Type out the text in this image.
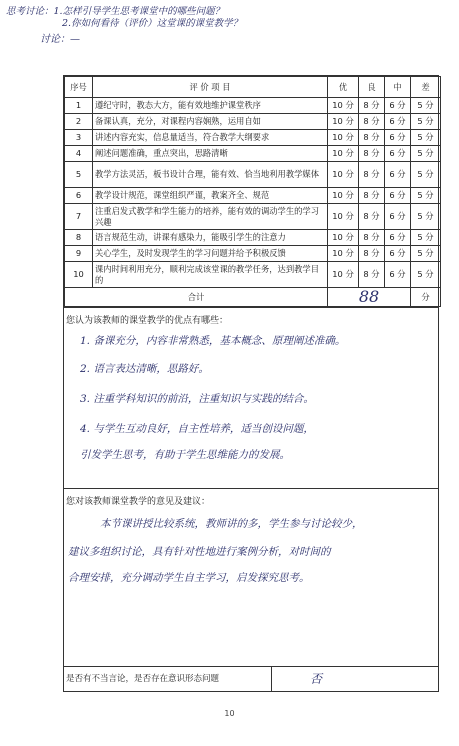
思考讨论：1.怎样引导学生思考课堂中的哪些问题？
2.你如何看待（评价）这堂课的课堂教学？
讨论：—
序号	评 价 项 目	优	良	中	差
1	遵纪守时，教态大方，能有效地维护课堂秩序	10 分	8 分	6 分	5 分
2	备课认真，充分，对课程内容娴熟，运用自如	10 分	8 分	6 分	5 分
3	讲述内容充实，信息量适当，符合教学大纲要求	10 分	8 分	6 分	5 分
4	阐述问题准确，重点突出，思路清晰	10 分	8 分	6 分	5 分
5	教学方法灵活，板书设计合理，能有效、恰当地利用教学媒体	10 分	8 分	6 分	5 分
6	教学设计规范，课堂组织严谨，教案齐全、规范	10 分	8 分	6 分	5 分
7	注重启发式教学和学生能力的培养，能有效的调动学生的学习兴趣	10 分	8 分	6 分	5 分
8	语言规范生动，讲课有感染力，能吸引学生的注意力	10 分	8 分	6 分	5 分
9	关心学生，及时发现学生的学习问题并给予积极反馈	10 分	8 分	6 分	5 分
10	课内时间利用充分，顺利完成该堂课的教学任务，达到教学目的	10 分	8 分	6 分	5 分
合计		88			分
您认为该教师的课堂教学的优点有哪些：
1. 备课充分，内容非常熟悉，基本概念、原理阐述准确。
2. 语言表达清晰，思路好。
3. 注重学科知识的前沿，注重知识与实践的结合。
4. 与学生互动良好，自主性培养，适当创设问题，
引发学生思考，有助于学生思维能力的发展。
您对该教师课堂教学的意见及建议：
本节课讲授比较系统，教师讲的多，学生参与讨论较少，
建议多组织讨论，具有针对性地进行案例分析，对时间的
合理安排，充分调动学生自主学习，启发探究思考。
是否有不当言论，是否存在意识形态问题	否
10
